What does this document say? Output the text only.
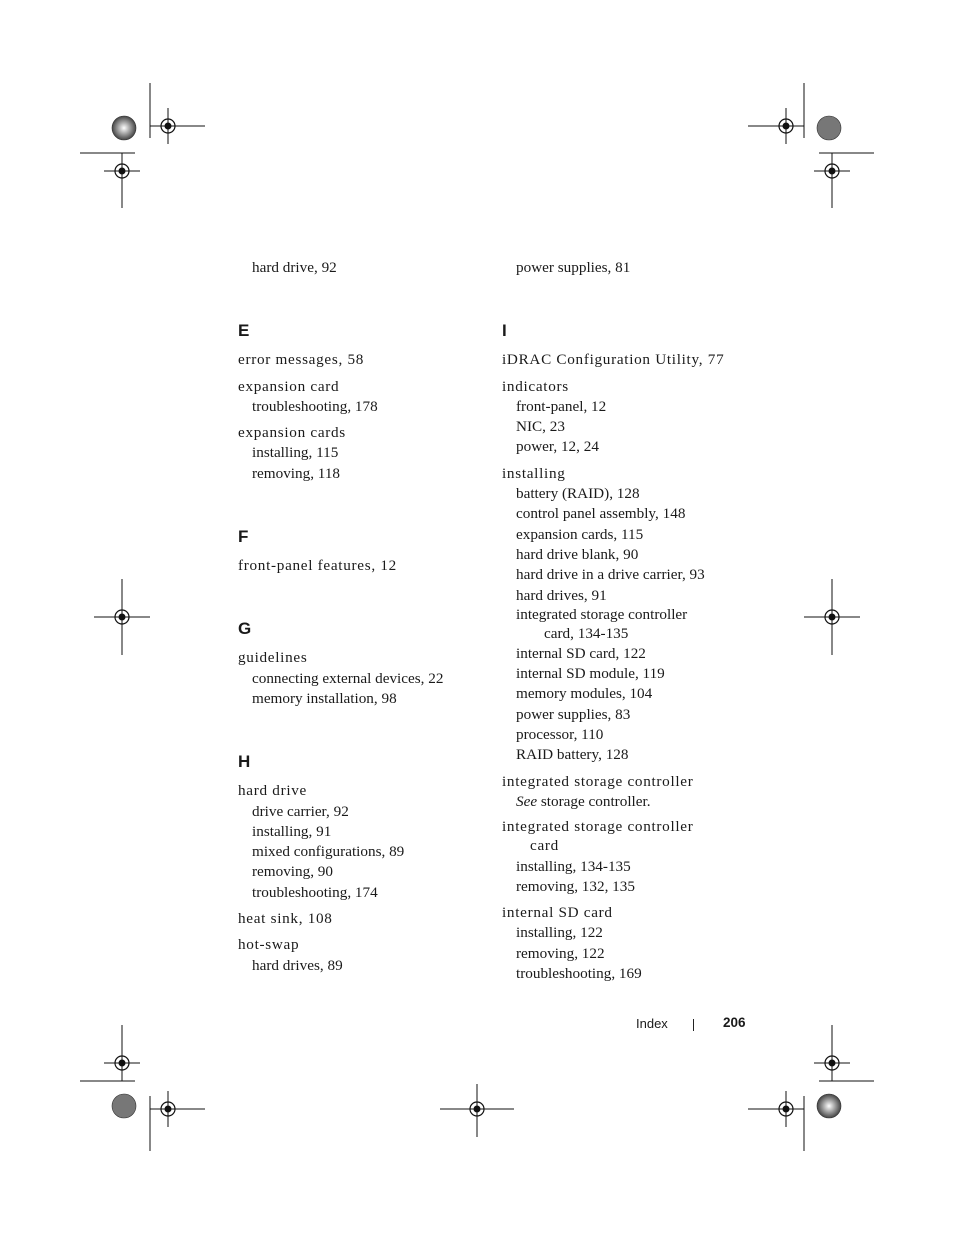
hard drive, 92
E
error messages, 58
expansion card
troubleshooting, 178
expansion cards
installing, 115
removing, 118
F
front-panel features, 12
G
guidelines
connecting external devices, 22
memory installation, 98
H
hard drive
drive carrier, 92
installing, 91
mixed configurations, 89
removing, 90
troubleshooting, 174
heat sink, 108
hot-swap
hard drives, 89
power supplies, 81
I
iDRAC Configuration Utility, 77
indicators
front-panel, 12
NIC, 23
power, 12, 24
installing
battery (RAID), 128
control panel assembly, 148
expansion cards, 115
hard drive blank, 90
hard drive in a drive carrier, 93
hard drives, 91
integrated storage controller
card, 134-135
internal SD card, 122
internal SD module, 119
memory modules, 104
power supplies, 83
processor, 110
RAID battery, 128
integrated storage controller
See storage controller.
integrated storage controller
card
installing, 134-135
removing, 132, 135
internal SD card
installing, 122
removing, 122
troubleshooting, 169
Index	206
